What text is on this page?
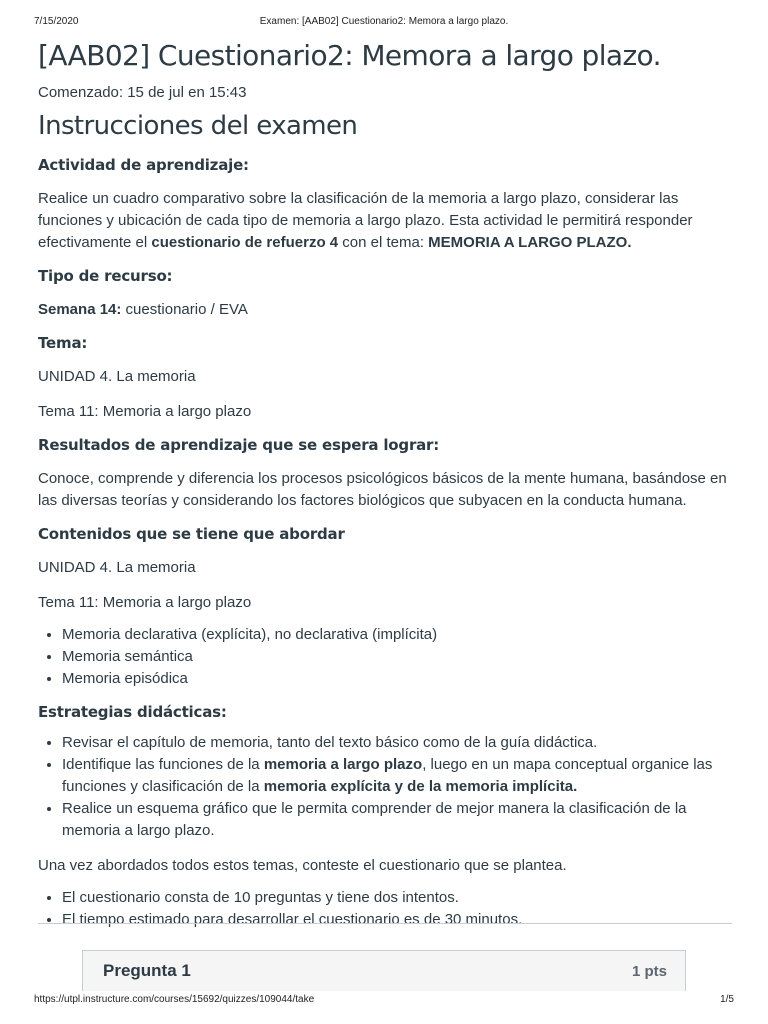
7/15/2020	Examen: [AAB02] Cuestionario2: Memora a largo plazo.
[AAB02] Cuestionario2: Memora a largo plazo.

Comenzado: 15 de jul en 15:43

Instrucciones del examen
Actividad de aprendizaje:

Realice un cuadro comparativo sobre la clasificación de la memoria a largo plazo, considerar las funciones y ubicación de cada tipo de memoria a largo plazo. Esta actividad le permitirá responder efectivamente el cuestionario de refuerzo 4 con el tema: MEMORIA A LARGO PLAZO.

Tipo de recurso:

Semana 14: cuestionario / EVA

Tema:

UNIDAD 4. La memoria

Tema 11: Memoria a largo plazo

Resultados de aprendizaje que se espera lograr:

Conoce, comprende y diferencia los procesos psicológicos básicos de la mente humana, basándose en las diversas teorías y considerando los factores biológicos que subyacen en la conducta humana.

Contenidos que se tiene que abordar

UNIDAD 4. La memoria

Tema 11: Memoria a largo plazo

• Memoria declarativa (explícita), no declarativa (implícita)
• Memoria semántica
• Memoria episódica
Estrategias didácticas:
• Revisar el capítulo de memoria, tanto del texto básico como de la guía didáctica.
• Identifique las funciones de la memoria a largo plazo, luego en un mapa conceptual organice las funciones y clasificación de la memoria explícita y de la memoria implícita.
• Realice un esquema gráfico que le permita comprender de mejor manera la clasificación de la memoria a largo plazo.

Una vez abordados todos estos temas, conteste el cuestionario que se plantea.

• El cuestionario consta de 10 preguntas y tiene dos intentos.
• El tiempo estimado para desarrollar el cuestionario es de 30 minutos.
Pregunta 1	1 pts
https://utpl.instructure.com/courses/15692/quizzes/109044/take	1/5
